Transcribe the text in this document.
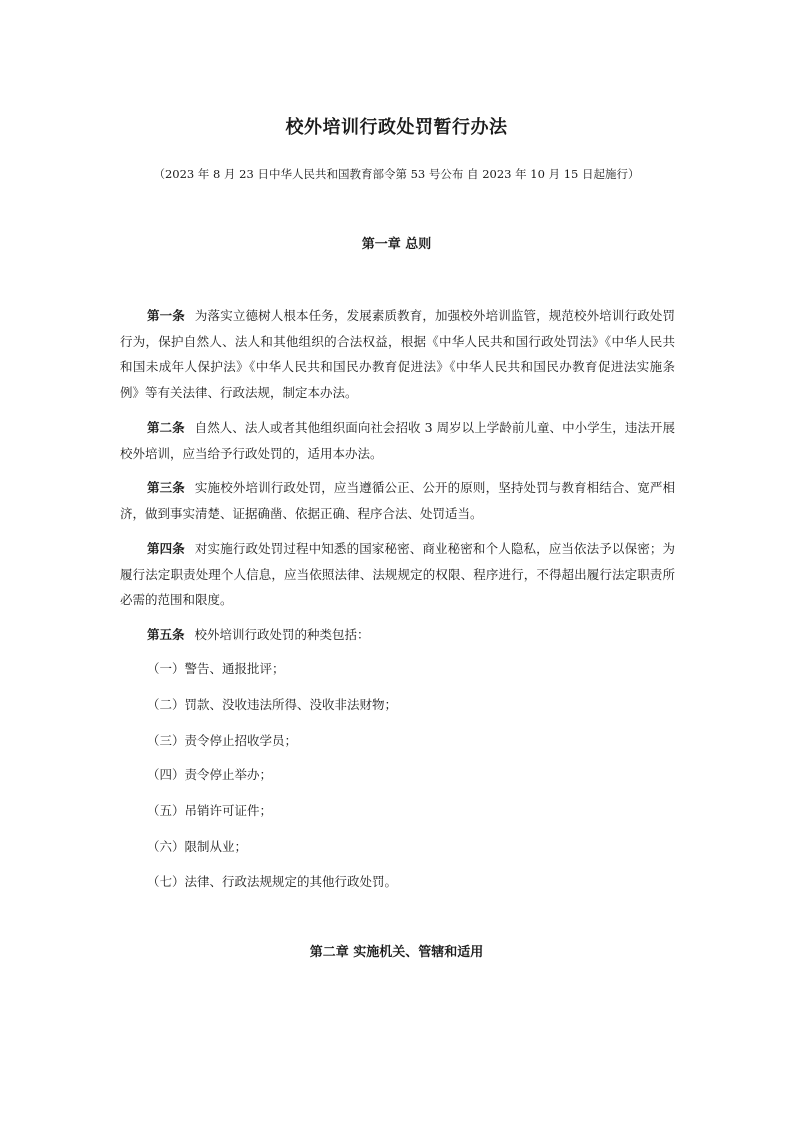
校外培训行政处罚暂行办法
（2023 年 8 月 23 日中华人民共和国教育部令第 53 号公布 自 2023 年 10 月 15 日起施行）
第一章 总则
第一条 为落实立德树人根本任务，发展素质教育，加强校外培训监管，规范校外培训行政处罚行为，保护自然人、法人和其他组织的合法权益，根据《中华人民共和国行政处罚法》《中华人民共和国未成年人保护法》《中华人民共和国民办教育促进法》《中华人民共和国民办教育促进法实施条例》等有关法律、行政法规，制定本办法。
第二条 自然人、法人或者其他组织面向社会招收 3 周岁以上学龄前儿童、中小学生，违法开展校外培训，应当给予行政处罚的，适用本办法。
第三条 实施校外培训行政处罚，应当遵循公正、公开的原则，坚持处罚与教育相结合、宽严相济，做到事实清楚、证据确凿、依据正确、程序合法、处罚适当。
第四条 对实施行政处罚过程中知悉的国家秘密、商业秘密和个人隐私，应当依法予以保密；为履行法定职责处理个人信息，应当依照法律、法规规定的权限、程序进行，不得超出履行法定职责所必需的范围和限度。
第五条 校外培训行政处罚的种类包括：
（一）警告、通报批评；
（二）罚款、没收违法所得、没收非法财物；
（三）责令停止招收学员；
（四）责令停止举办；
（五）吊销许可证件；
（六）限制从业；
（七）法律、行政法规规定的其他行政处罚。
第二章 实施机关、管辖和适用
